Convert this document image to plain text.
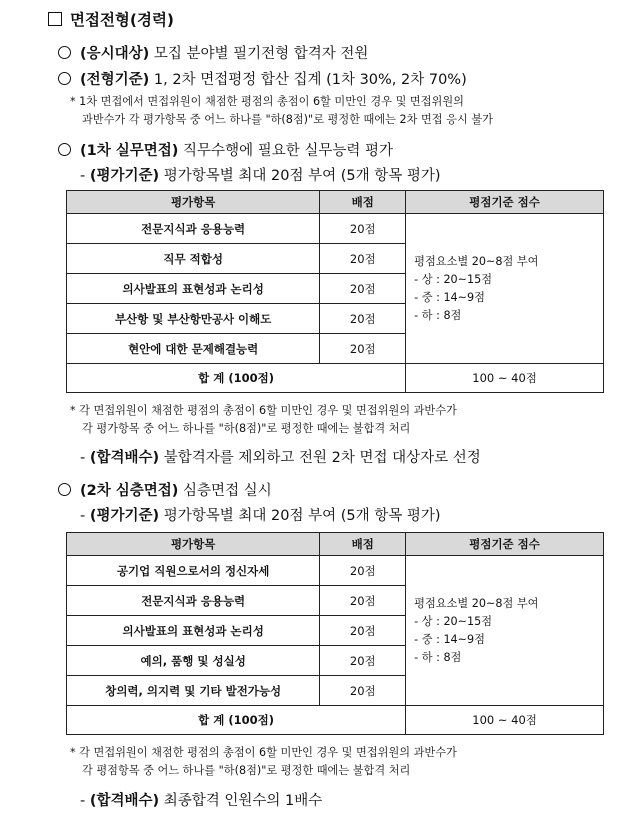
면접전형(경력)
(응시대상) 모집 분야별 필기전형 합격자 전원
(전형기준) 1, 2차 면접평정 합산 집계 (1차 30%, 2차 70%)
* 1차 면접에서 면접위원이 채점한 평점의 총점이 6할 미만인 경우 및 면접위원의
과반수가 각 평가항목 중 어느 하나를 "하(8점)"로 평정한 때에는 2차 면접 응시 불가
(1차 실무면접) 직무수행에 필요한 실무능력 평가
- (평가기준) 평가항목별 최대 20점 부여 (5개 항목 평가)
평가항목	배점	평점기준 점수
전문지식과 응용능력	20점	평점요소별 20~8점 부여
- 상 : 20~15점
- 중 : 14~9점
- 하 : 8점

직무 적합성	20점	
의사발표의 표현성과 논리성	20점	
부산항 및 부산항만공사 이해도	20점	
현안에 대한 문제해결능력	20점	
합 계 (100점)		100 ~ 40점
* 각 면접위원이 채점한 평점의 총점이 6할 미만인 경우 및 면접위원의 과반수가
각 평가항목 중 어느 하나를 "하(8점)"로 평정한 때에는 불합격 처리
- (합격배수) 불합격자를 제외하고 전원 2차 면접 대상자로 선정
(2차 심층면접) 심층면접 실시
- (평가기준) 평가항목별 최대 20점 부여 (5개 항목 평가)
평가항목	배점	평점기준 점수
공기업 직원으로서의 정신자세	20점	평점요소별 20~8점 부여
- 상 : 20~15점
- 중 : 14~9점
- 하 : 8점

전문지식과 응용능력	20점	
의사발표의 표현성과 논리성	20점	
예의, 품행 및 성실성	20점	
창의력, 의지력 및 기타 발전가능성	20점	
합 계 (100점)		100 ~ 40점
* 각 면접위원이 채점한 평점의 총점이 6할 미만인 경우 및 면접위원의 과반수가
각 평점항목 중 어느 하나를 "하(8점)"로 평정한 때에는 불합격 처리
- (합격배수) 최종합격 인원수의 1배수
